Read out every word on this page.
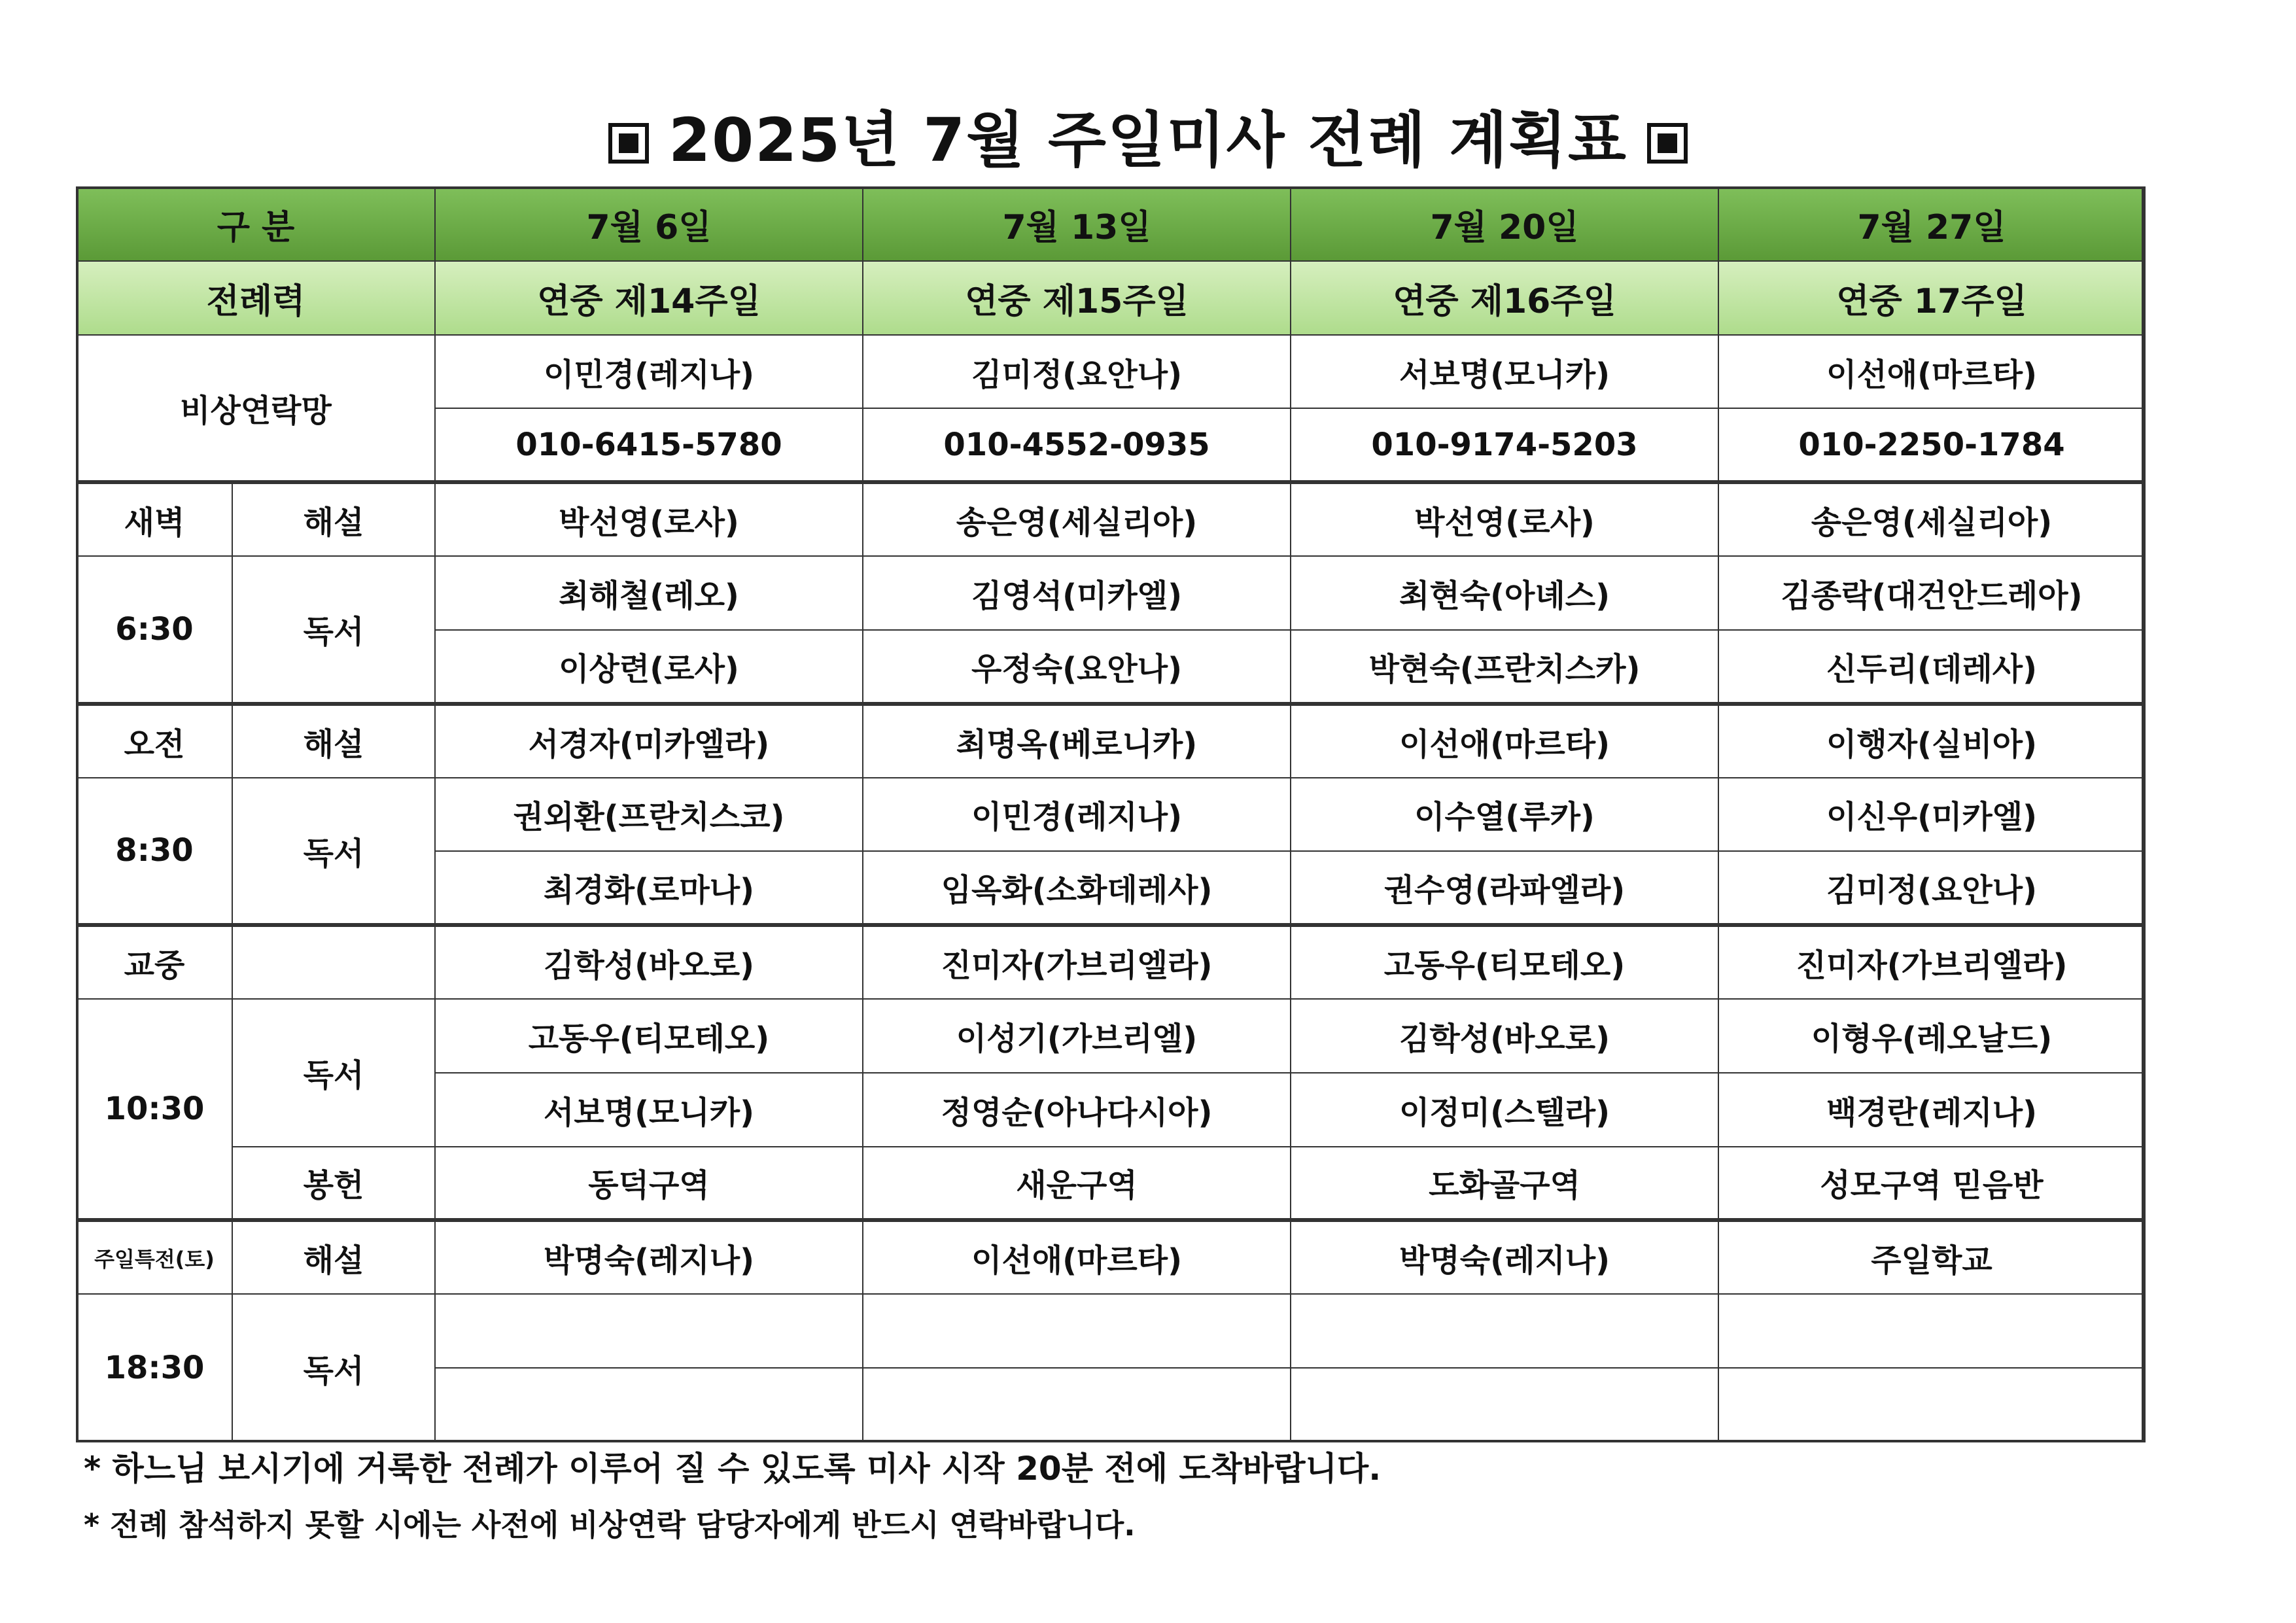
2025년 7월 주일미사 전례 계획표
구 분		7월 6일	7월 13일	7월 20일	7월 27일
전례력		연중 제14주일	연중 제15주일	연중 제16주일	연중 17주일
비상연락망		이민경(레지나)	김미정(요안나)	서보명(모니카)	이선애(마르타)
		010-6415-5780	010-4552-0935	010-9174-5203	010-2250-1784
새벽	해설	박선영(로사)	송은영(세실리아)	박선영(로사)	송은영(세실리아)
6:30	독서	최해철(레오)	김영석(미카엘)	최현숙(아녜스)	김종락(대건안드레아)
		이상련(로사)	우정숙(요안나)	박현숙(프란치스카)	신두리(데레사)
오전	해설	서경자(미카엘라)	최명옥(베로니카)	이선애(마르타)	이행자(실비아)
8:30	독서	권외환(프란치스코)	이민경(레지나)	이수열(루카)	이신우(미카엘)
		최경화(로마나)	임옥화(소화데레사)	권수영(라파엘라)	김미정(요안나)
교중		김학성(바오로)	진미자(가브리엘라)	고동우(티모테오)	진미자(가브리엘라)
10:30	독서	고동우(티모테오)	이성기(가브리엘)	김학성(바오로)	이형우(레오날드)
		서보명(모니카)	정영순(아나다시아)	이정미(스텔라)	백경란(레지나)
	봉헌	동덕구역	새운구역	도화골구역	성모구역 믿음반
주일특전(토)	해설	박명숙(레지나)	이선애(마르타)	박명숙(레지나)	주일학교
18:30	독서				

* 하느님 보시기에 거룩한 전례가 이루어 질 수 있도록 미사 시작 20분 전에 도착바랍니다.
* 전례 참석하지 못할 시에는 사전에 비상연락 담당자에게 반드시 연락바랍니다.
